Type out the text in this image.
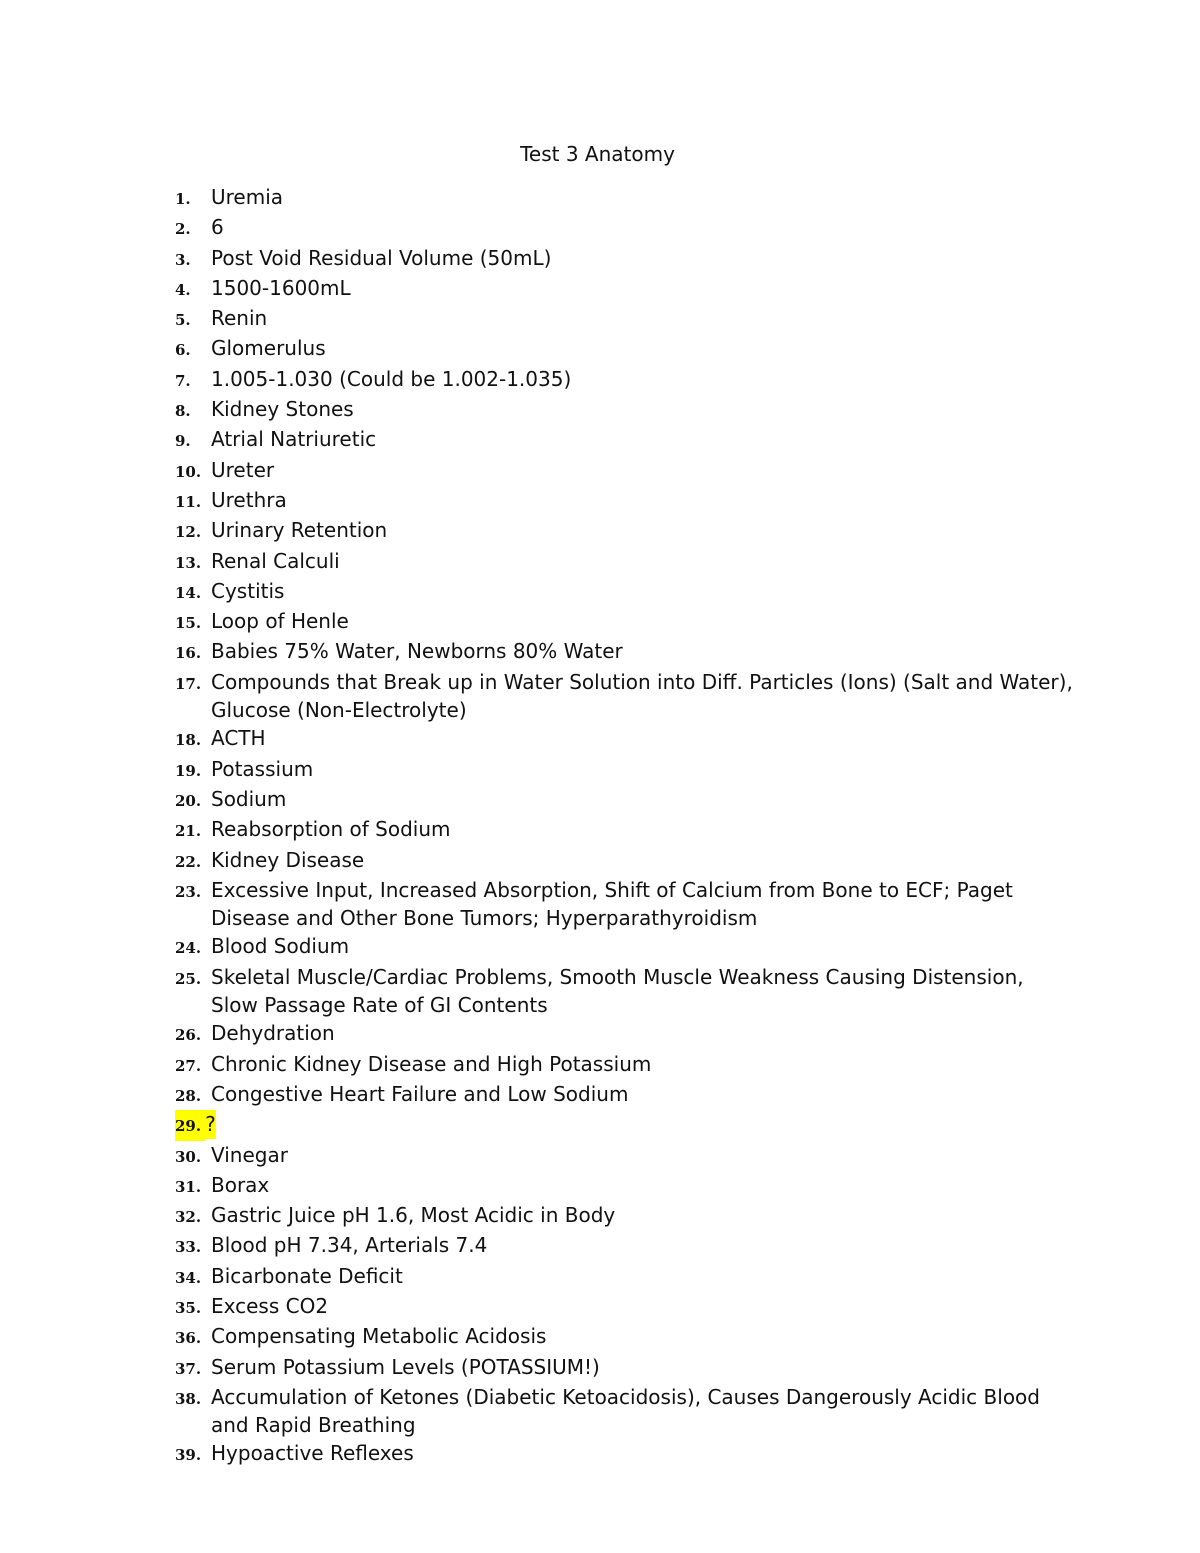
Test 3 Anatomy
1.	Uremia
2.	6
3.	Post Void Residual Volume (50mL)
4.	1500-1600mL
5.	Renin
6.	Glomerulus
7.	1.005-1.030 (Could be 1.002-1.035)
8.	Kidney Stones
9.	Atrial Natriuretic
10. Ureter
11. Urethra
12. Urinary Retention
13. Renal Calculi
14. Cystitis
15. Loop of Henle
16. Babies 75% Water, Newborns 80% Water
17. Compounds that Break up in Water Solution into Diff. Particles (Ions) (Salt and Water), Glucose (Non-Electrolyte)
18. ACTH
19. Potassium
20. Sodium
21. Reabsorption of Sodium
22. Kidney Disease
23. Excessive Input, Increased Absorption, Shift of Calcium from Bone to ECF; Paget Disease and Other Bone Tumors; Hyperparathyroidism
24. Blood Sodium
25. Skeletal Muscle/Cardiac Problems, Smooth Muscle Weakness Causing Distension, Slow Passage Rate of GI Contents
26. Dehydration
27. Chronic Kidney Disease and High Potassium
28. Congestive Heart Failure and Low Sodium
29. ?
30. Vinegar
31. Borax
32. Gastric Juice pH 1.6, Most Acidic in Body
33. Blood pH 7.34, Arterials 7.4
34. Bicarbonate Deficit
35. Excess CO2
36. Compensating Metabolic Acidosis
37. Serum Potassium Levels (POTASSIUM!)
38. Accumulation of Ketones (Diabetic Ketoacidosis), Causes Dangerously Acidic Blood and Rapid Breathing
39. Hypoactive Reflexes
